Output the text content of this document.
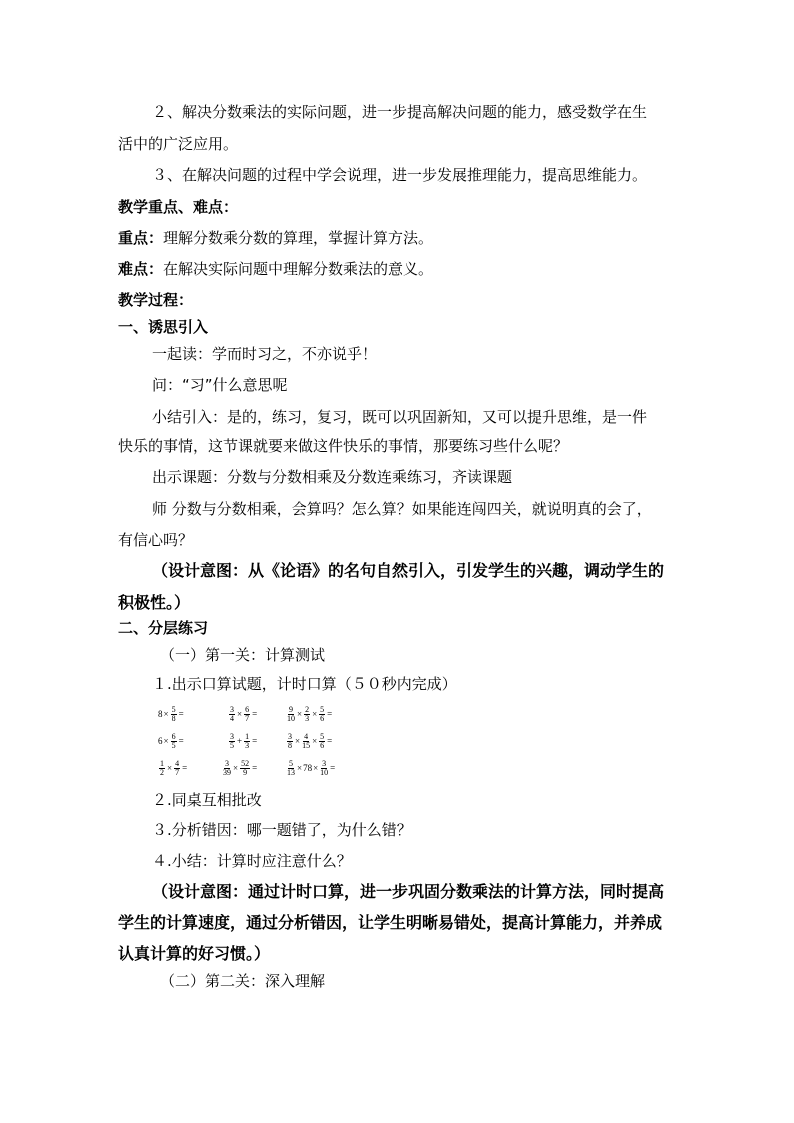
２、解决分数乘法的实际问题，进一步提高解决问题的能力，感受数学在生
活中的广泛应用。
３、在解决问题的过程中学会说理，进一步发展推理能力，提高思维能力。
教学重点、难点：
重点：理解分数乘分数的算理，掌握计算方法。
难点：在解决实际问题中理解分数乘法的意义。
教学过程：
一、诱思引入
一起读：学而时习之，不亦说乎！
问：“习”什么意思呢
小结引入：是的，练习，复习，既可以巩固新知，又可以提升思维，是一件
快乐的事情，这节课就要来做这件快乐的事情，那要练习些什么呢？
出示课题：分数与分数相乘及分数连乘练习，齐读课题
师 分数与分数相乘，会算吗？怎么算？如果能连闯四关，就说明真的会了，
有信心吗？
（设计意图：从《论语》的名句自然引入，引发学生的兴趣，调动学生的
积极性。）
二、分层练习
（一）第一关：计算测试
１.出示口算试题，计时口算（５０秒内完成）
$8 \times \frac{5}{8}$ =	$\frac{3}{4} \times \frac{6}{7}$ =	$\frac{9}{10} \times \frac{2}{3} \times \frac{5}{6}$ =
$6 \times \frac{6}{5}$ =	$\frac{3}{5} + \frac{1}{3}$ =	$\frac{3}{8} \times \frac{4}{15} \times \frac{5}{6}$ =
$\frac{1}{2} \times \frac{4}{7}$ =	$\frac{3}{39} \times \frac{52}{9}$ =	$\frac{5}{13} \times 78 \times \frac{3}{10}$ =
２.同桌互相批改
３.分析错因：哪一题错了，为什么错？
４.小结：计算时应注意什么？
（设计意图：通过计时口算，进一步巩固分数乘法的计算方法，同时提高
学生的计算速度，通过分析错因，让学生明晰易错处，提高计算能力，并养成
认真计算的好习惯。）
（二）第二关：深入理解
